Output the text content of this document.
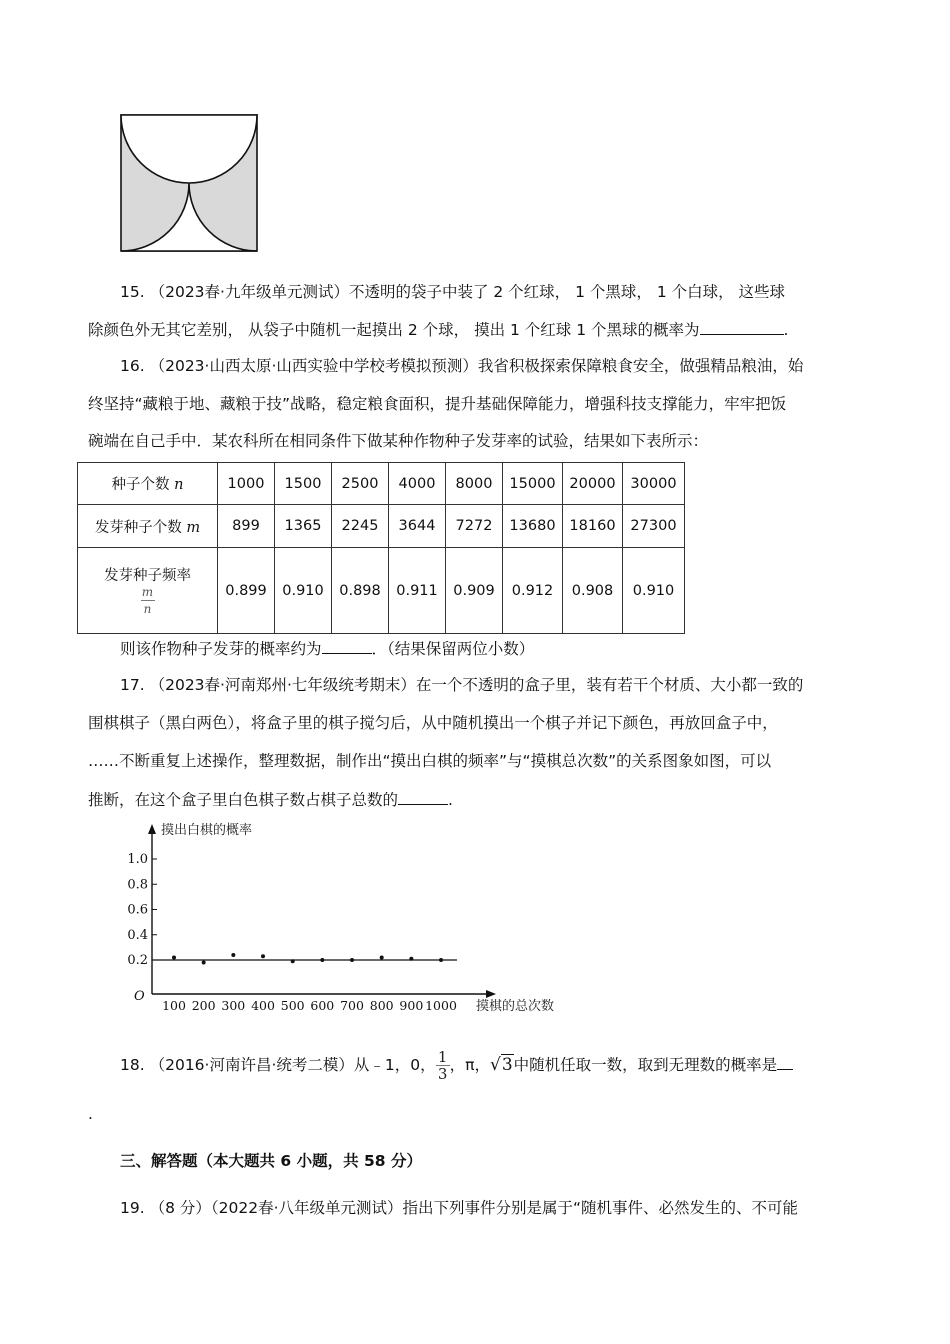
15. （2023春·九年级单元测试）不透明的袋子中装了 2 个红球， 1 个黑球， 1 个白球， 这些球
除颜色外无其它差别， 从袋子中随机一起摸出 2 个球， 摸出 1 个红球 1 个黑球的概率为	.
16. （2023·山西太原·山西实验中学校考模拟预测）我省积极探索保障粮食安全，做强精品粮油，始
终坚持“藏粮于地、藏粮于技”战略，稳定粮食面积，提升基础保障能力，增强科技支撑能力，牢牢把饭
碗端在自己手中．某农科所在相同条件下做某种作物种子发芽率的试验，结果如下表所示：
种子个数 n	1000	1500	2500	4000	8000	15000	20000	30000
发芽种子个数 m	899	1365	2245	3644	7272	13680	18160	27300

发芽种子频率
$\frac{m}{n}$	0.899	0.910	0.898	0.911	0.909	0.912	0.908	0.910
则该作物种子发芽的概率约为	．（结果保留两位小数）
17. （2023春·河南郑州·七年级统考期末）在一个不透明的盒子里，装有若干个材质、大小都一致的
围棋棋子（黑白两色），将盒子里的棋子搅匀后，从中随机摸出一个棋子并记下颜色，再放回盒子中，
……不断重复上述操作，整理数据，制作出“摸出白棋的频率”与“摸棋总次数”的关系图象如图，可以
推断，在这个盒子里白色棋子数占棋子总数的	.
摸出白棋的概率
摸棋的总次数
O
0.2
0.4
0.6
0.8
1.0
100 200 300 400 500 600 700 800 900 1000
18. （2016·河南许昌·统考二模）从﹣1，0，$\frac{1}{3}$，π，√3中随机任取一数，取到无理数的概率是
.
三、解答题（本大题共 6 小题，共 58 分）
19. （8 分）（2022春·八年级单元测试）指出下列事件分别是属于“随机事件、必然发生的、不可能
